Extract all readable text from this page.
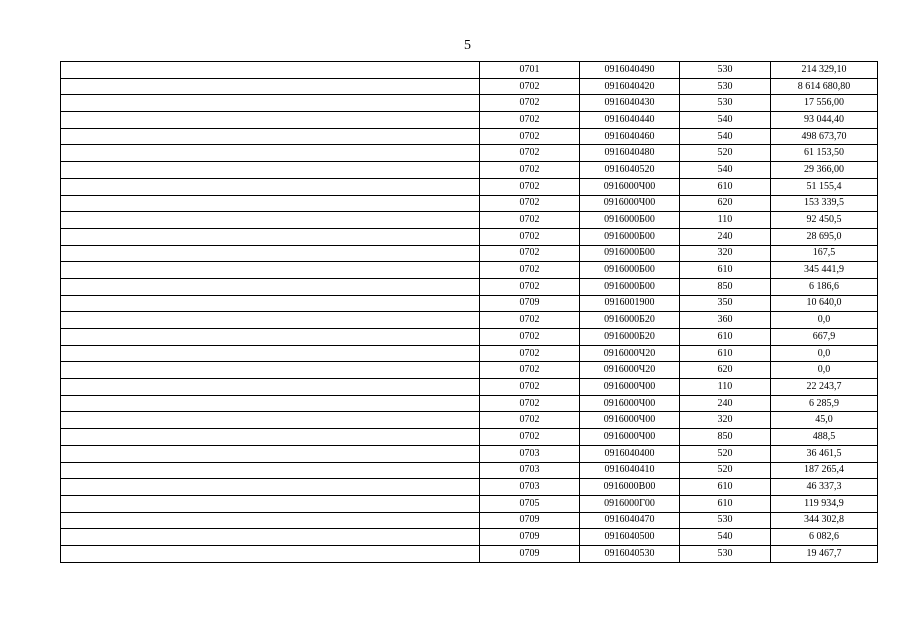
5
	0701	0916040490	530	214 329,10
	0702	0916040420	530	8 614 680,80
	0702	0916040430	530	17 556,00
	0702	0916040440	540	93 044,40
	0702	0916040460	540	498 673,70
	0702	0916040480	520	61 153,50
	0702	0916040520	540	29 366,00
	0702	0916000Ч00	610	51 155,4
	0702	0916000Ч00	620	153 339,5
	0702	0916000Б00	110	92 450,5
	0702	0916000Б00	240	28 695,0
	0702	0916000Б00	320	167,5
	0702	0916000Б00	610	345 441,9
	0702	0916000Б00	850	6 186,6
	0709	0916001900	350	10 640,0
	0702	0916000Б20	360	0,0
	0702	0916000Б20	610	667,9
	0702	0916000Ч20	610	0,0
	0702	0916000Ч20	620	0,0
	0702	0916000Ч00	110	22 243,7
	0702	0916000Ч00	240	6 285,9
	0702	0916000Ч00	320	45,0
	0702	0916000Ч00	850	488,5
	0703	0916040400	520	36 461,5
	0703	0916040410	520	187 265,4
	0703	0916000В00	610	46 337,3
	0705	0916000Г00	610	119 934,9
	0709	0916040470	530	344 302,8
	0709	0916040500	540	6 082,6
	0709	0916040530	530	19 467,7
